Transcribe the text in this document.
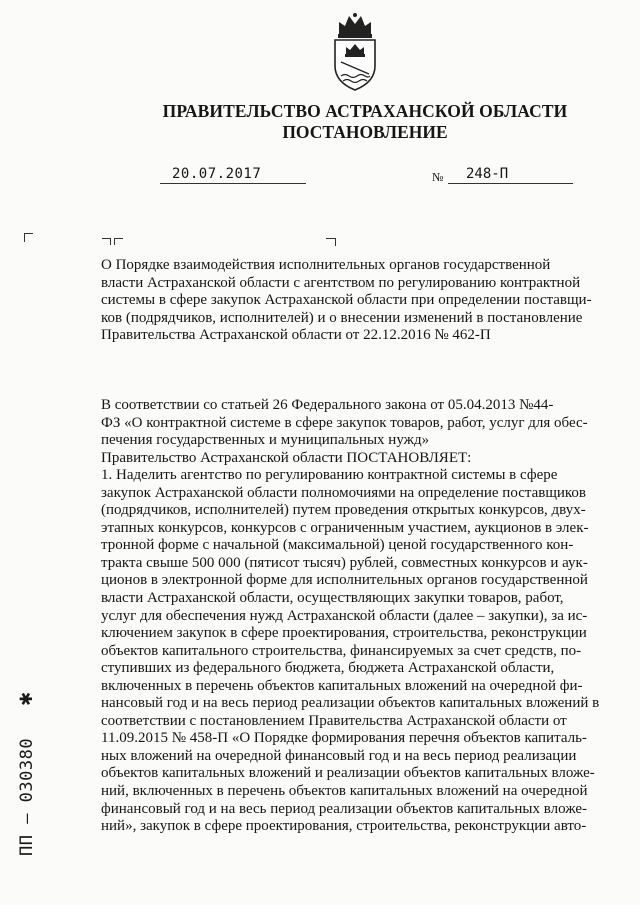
ПРАВИТЕЛЬСТВО АСТРАХАНСКОЙ ОБЛАСТИ
ПОСТАНОВЛЕНИЕ
20.07.2017	№ 248-П
О Порядке взаимодействия исполнительных органов государственной
власти Астраханской области с агентством по регулированию контрактной
системы в сфере закупок Астраханской области при определении поставщи-
ков (подрядчиков, исполнителей) и о внесении изменений в постановление
Правительства Астраханской области от 22.12.2016 № 462-П
В соответствии со статьей 26 Федерального закона от 05.04.2013 №44-
ФЗ «О контрактной системе в сфере закупок товаров, работ, услуг для обес-
печения государственных и муниципальных нужд»
Правительство Астраханской области ПОСТАНОВЛЯЕТ:
1. Наделить агентство по регулированию контрактной системы в сфере
закупок Астраханской области полномочиями на определение поставщиков
(подрядчиков, исполнителей) путем проведения открытых конкурсов, двух-
этапных конкурсов, конкурсов с ограниченным участием, аукционов в элек-
тронной форме с начальной (максимальной) ценой государственного кон-
тракта свыше 500 000 (пятисот тысяч) рублей, совместных конкурсов и аук-
ционов в электронной форме для исполнительных органов государственной
власти Астраханской области, осуществляющих закупки товаров, работ,
услуг для обеспечения нужд Астраханской области (далее – закупки), за ис-
ключением закупок в сфере проектирования, строительства, реконструкции
объектов капитального строительства, финансируемых за счет средств, по-
ступивших из федерального бюджета, бюджета Астраханской области,
включенных в перечень объектов капитальных вложений на очередной фи-
нансовый год и на весь период реализации объектов капитальных вложений в
соответствии с постановлением Правительства Астраханской области от
11.09.2015 № 458-П «О Порядке формирования перечня объектов капиталь-
ных вложений на очередной финансовый год и на весь период реализации
объектов капитальных вложений и реализации объектов капитальных вложе-
ний, включенных в перечень объектов капитальных вложений на очередной
финансовый год и на весь период реализации объектов капитальных вложе-
ний», закупок в сфере проектирования, строительства, реконструкции авто-
ПП – 030380
✱
